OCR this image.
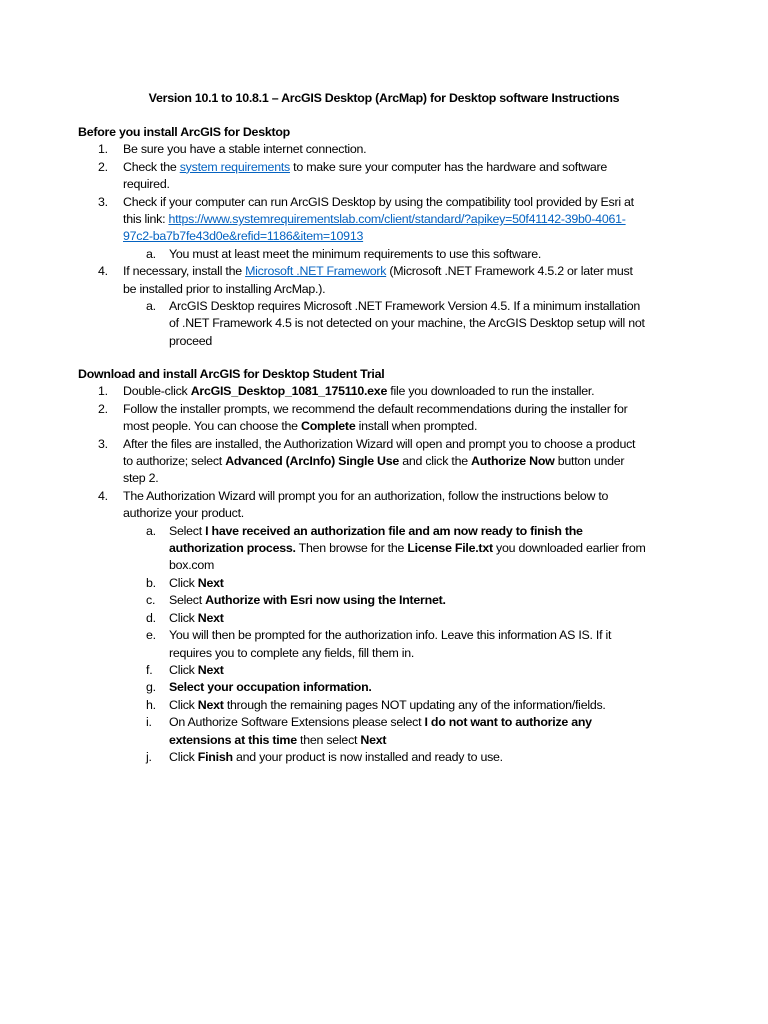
Version 10.1 to 10.8.1 – ArcGIS Desktop (ArcMap) for Desktop software Instructions

Before you install ArcGIS for Desktop

1. Be sure you have a stable internet connection.
2. Check the system requirements to make sure your computer has the hardware and software required.
3. Check if your computer can run ArcGIS Desktop by using the compatibility tool provided by Esri at this link: https://www.systemrequirementslab.com/client/standard/?apikey=50f41142-39b0-4061-97c2-ba7b7fe43d0e&refid=1186&item=10913
a. You must at least meet the minimum requirements to use this software.
4. If necessary, install the Microsoft .NET Framework (Microsoft .NET Framework 4.5.2 or later must be installed prior to installing ArcMap.).
a. ArcGIS Desktop requires Microsoft .NET Framework Version 4.5. If a minimum installation of .NET Framework 4.5 is not detected on your machine, the ArcGIS Desktop setup will not proceed

Download and install ArcGIS for Desktop Student Trial

1. Double-click ArcGIS_Desktop_1081_175110.exe file you downloaded to run the installer.
2. Follow the installer prompts, we recommend the default recommendations during the installer for most people. You can choose the Complete install when prompted.
3. After the files are installed, the Authorization Wizard will open and prompt you to choose a product to authorize; select Advanced (ArcInfo) Single Use and click the Authorize Now button under step 2.
4. The Authorization Wizard will prompt you for an authorization, follow the instructions below to authorize your product.
a. Select I have received an authorization file and am now ready to finish the authorization process. Then browse for the License File.txt you downloaded earlier from box.com
b. Click Next
c. Select Authorize with Esri now using the Internet.
d. Click Next
e. You will then be prompted for the authorization info. Leave this information AS IS. If it requires you to complete any fields, fill them in.
f. Click Next
g. Select your occupation information.
h. Click Next through the remaining pages NOT updating any of the information/fields.
i. On Authorize Software Extensions please select I do not want to authorize any extensions at this time then select Next
j. Click Finish and your product is now installed and ready to use.
